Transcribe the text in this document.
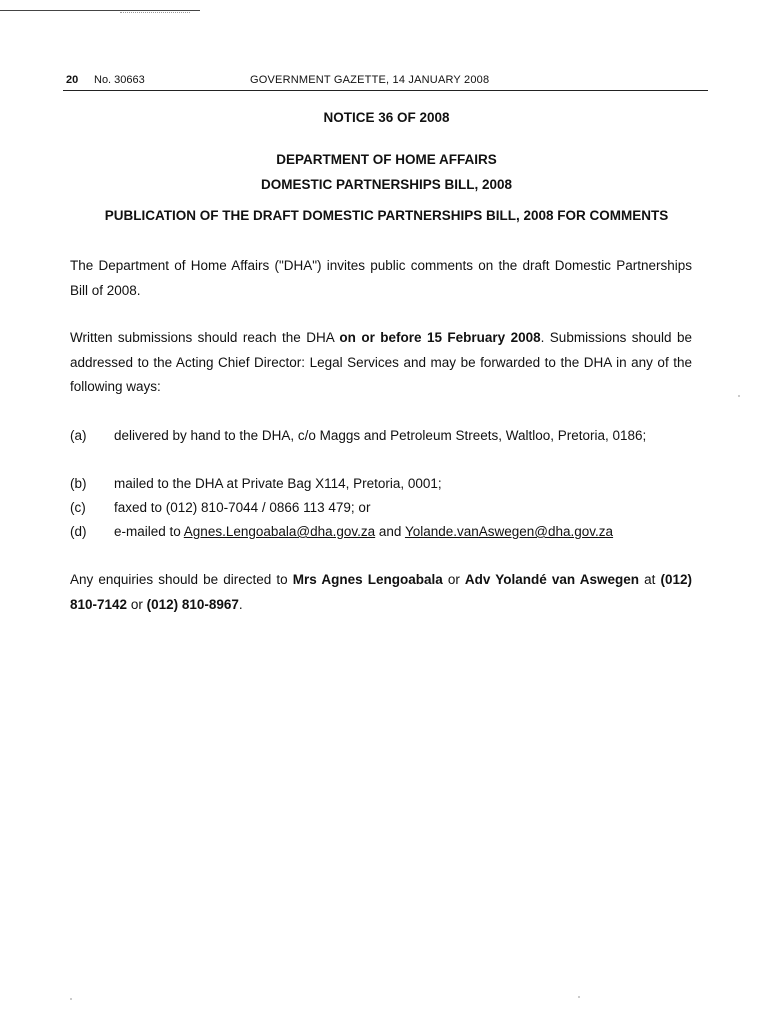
20 No. 30663	GOVERNMENT GAZETTE, 14 JANUARY 2008
NOTICE 36 OF 2008
DEPARTMENT OF HOME AFFAIRS
DOMESTIC PARTNERSHIPS BILL, 2008
PUBLICATION OF THE DRAFT DOMESTIC PARTNERSHIPS BILL, 2008 FOR COMMENTS
The Department of Home Affairs ("DHA") invites public comments on the draft Domestic Partnerships Bill of 2008.
Written submissions should reach the DHA on or before 15 February 2008. Submissions should be addressed to the Acting Chief Director: Legal Services and may be forwarded to the DHA in any of the following ways:
(a) delivered by hand to the DHA, c/o Maggs and Petroleum Streets, Waltloo, Pretoria, 0186;
(b) mailed to the DHA at Private Bag X114, Pretoria, 0001;
(c) faxed to (012) 810-7044 / 0866 113 479; or
(d) e-mailed to Agnes.Lengoabala@dha.gov.za and Yolande.vanAswegen@dha.gov.za
Any enquiries should be directed to Mrs Agnes Lengoabala or Adv Yolandé van Aswegen at (012) 810-7142 or (012) 810-8967.
